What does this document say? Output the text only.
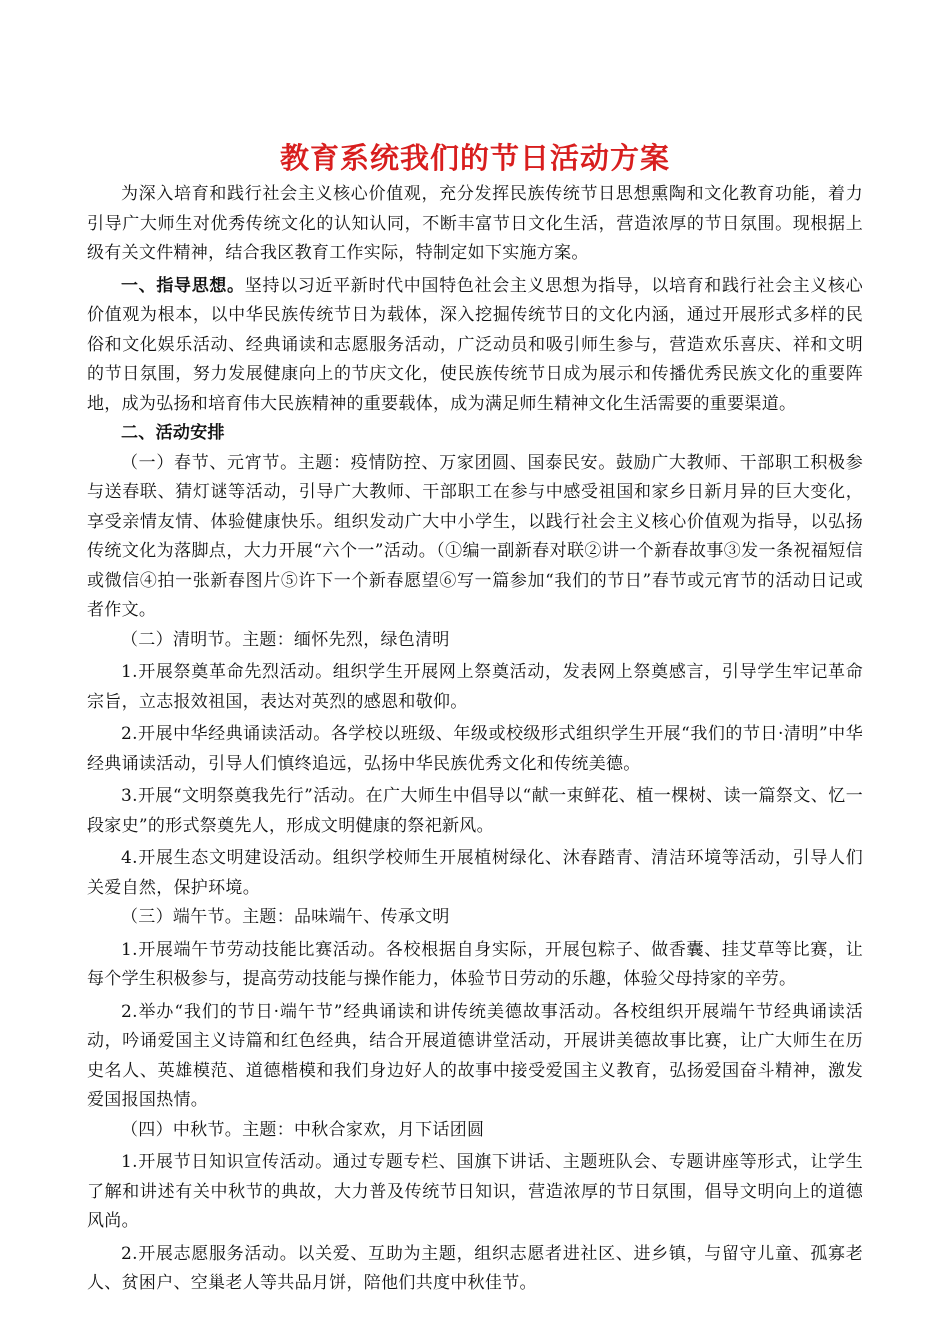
教育系统我们的节日活动方案

为深入培育和践行社会主义核心价值观，充分发挥民族传统节日思想熏陶和文化教育功能，着力引导广大师生对优秀传统文化的认知认同，不断丰富节日文化生活，营造浓厚的节日氛围。现根据上级有关文件精神，结合我区教育工作实际，特制定如下实施方案。

一、指导思想。坚持以习近平新时代中国特色社会主义思想为指导，以培育和践行社会主义核心价值观为根本，以中华民族传统节日为载体，深入挖掘传统节日的文化内涵，通过开展形式多样的民俗和文化娱乐活动、经典诵读和志愿服务活动，广泛动员和吸引师生参与，营造欢乐喜庆、祥和文明的节日氛围，努力发展健康向上的节庆文化，使民族传统节日成为展示和传播优秀民族文化的重要阵地，成为弘扬和培育伟大民族精神的重要载体，成为满足师生精神文化生活需要的重要渠道。

二、活动安排

（一）春节、元宵节。主题：疫情防控、万家团圆、国泰民安。鼓励广大教师、干部职工积极参与送春联、猜灯谜等活动，引导广大教师、干部职工在参与中感受祖国和家乡日新月异的巨大变化，享受亲情友情、体验健康快乐。组织发动广大中小学生，以践行社会主义核心价值观为指导，以弘扬传统文化为落脚点，大力开展“六个一”活动。（①编一副新春对联②讲一个新春故事③发一条祝福短信或微信④拍一张新春图片⑤许下一个新春愿望⑥写一篇参加“我们的节日”春节或元宵节的活动日记或者作文。

（二）清明节。主题：缅怀先烈，绿色清明

1.开展祭奠革命先烈活动。组织学生开展网上祭奠活动，发表网上祭奠感言，引导学生牢记革命宗旨，立志报效祖国，表达对英烈的感恩和敬仰。

2.开展中华经典诵读活动。各学校以班级、年级或校级形式组织学生开展“我们的节日·清明”中华经典诵读活动，引导人们慎终追远，弘扬中华民族优秀文化和传统美德。

3.开展“文明祭奠我先行”活动。在广大师生中倡导以“献一束鲜花、植一棵树、读一篇祭文、忆一段家史”的形式祭奠先人，形成文明健康的祭祀新风。

4.开展生态文明建设活动。组织学校师生开展植树绿化、沐春踏青、清洁环境等活动，引导人们关爱自然，保护环境。

（三）端午节。主题：品味端午、传承文明

1.开展端午节劳动技能比赛活动。各校根据自身实际，开展包粽子、做香囊、挂艾草等比赛，让每个学生积极参与，提高劳动技能与操作能力，体验节日劳动的乐趣，体验父母持家的辛劳。

2.举办“我们的节日·端午节”经典诵读和讲传统美德故事活动。各校组织开展端午节经典诵读活动，吟诵爱国主义诗篇和红色经典，结合开展道德讲堂活动，开展讲美德故事比赛，让广大师生在历史名人、英雄模范、道德楷模和我们身边好人的故事中接受爱国主义教育，弘扬爱国奋斗精神，激发爱国报国热情。

（四）中秋节。主题：中秋合家欢，月下话团圆

1.开展节日知识宣传活动。通过专题专栏、国旗下讲话、主题班队会、专题讲座等形式，让学生了解和讲述有关中秋节的典故，大力普及传统节日知识，营造浓厚的节日氛围，倡导文明向上的道德风尚。

2.开展志愿服务活动。以关爱、互助为主题，组织志愿者进社区、进乡镇，与留守儿童、孤寡老人、贫困户、空巢老人等共品月饼，陪他们共度中秋佳节。
